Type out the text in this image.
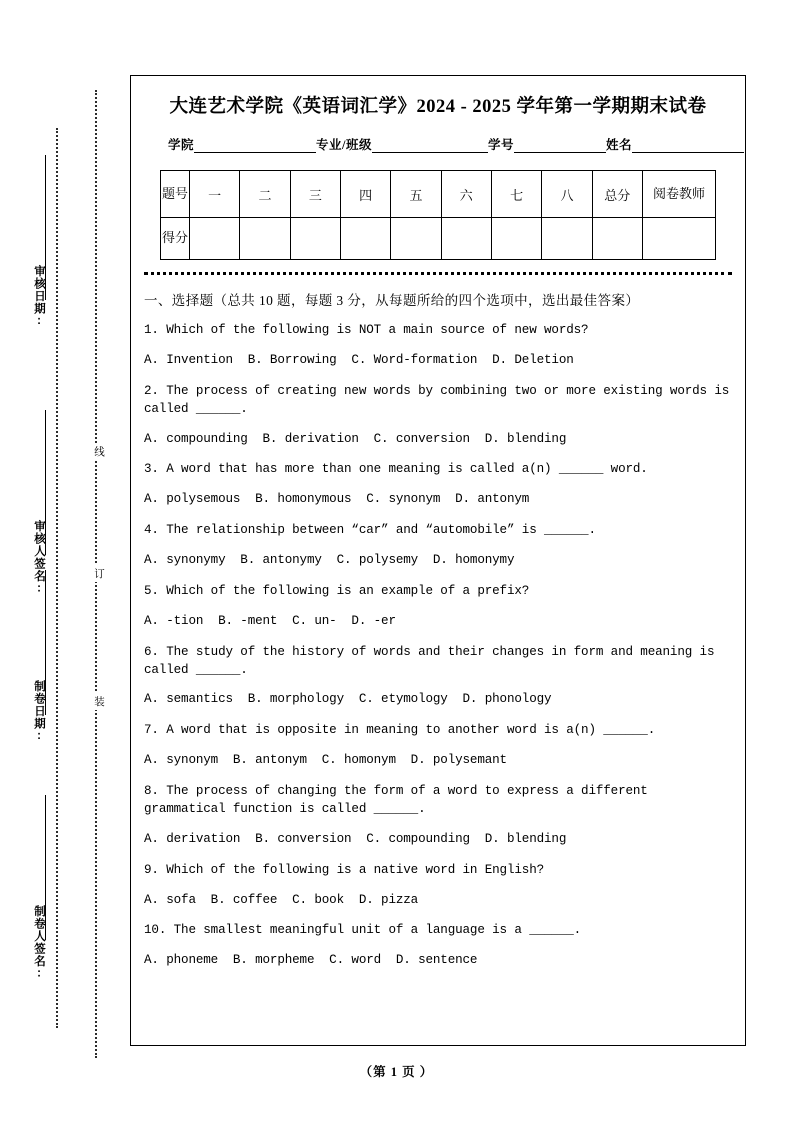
审核日期:
审核人签名:
制卷日期:
制卷人签名:
线
订
装
大连艺术学院《英语词汇学》2024 - 2025 学年第一学期期末试卷
学院	专业/班级	学号	姓名
题号	一	二	三	四	五	六	七	八	总分	阅卷教师
得分										
一、选择题（总共 10 题，每题 3 分，从每题所给的四个选项中，选出最佳答案）
1. Which of the following is NOT a main source of new words?
A. Invention  B. Borrowing  C. Word-formation  D. Deletion
2. The process of creating new words by combining two or more existing words is called ______.
A. compounding  B. derivation  C. conversion  D. blending
3. A word that has more than one meaning is called a(n) ______ word.
A. polysemous  B. homonymous  C. synonym  D. antonym
4. The relationship between “car” and “automobile” is ______.
A. synonymy  B. antonymy  C. polysemy  D. homonymy
5. Which of the following is an example of a prefix?
A. -tion  B. -ment  C. un-  D. -er
6. The study of the history of words and their changes in form and meaning is called ______.
A. semantics  B. morphology  C. etymology  D. phonology
7. A word that is opposite in meaning to another word is a(n) ______.
A. synonym  B. antonym  C. homonym  D. polysemant
8. The process of changing the form of a word to express a different grammatical function is called ______.
A. derivation  B. conversion  C. compounding  D. blending
9. Which of the following is a native word in English?
A. sofa  B. coffee  C. book  D. pizza
10. The smallest meaningful unit of a language is a ______.
A. phoneme  B. morpheme  C. word  D. sentence
（第 1 页 ）
